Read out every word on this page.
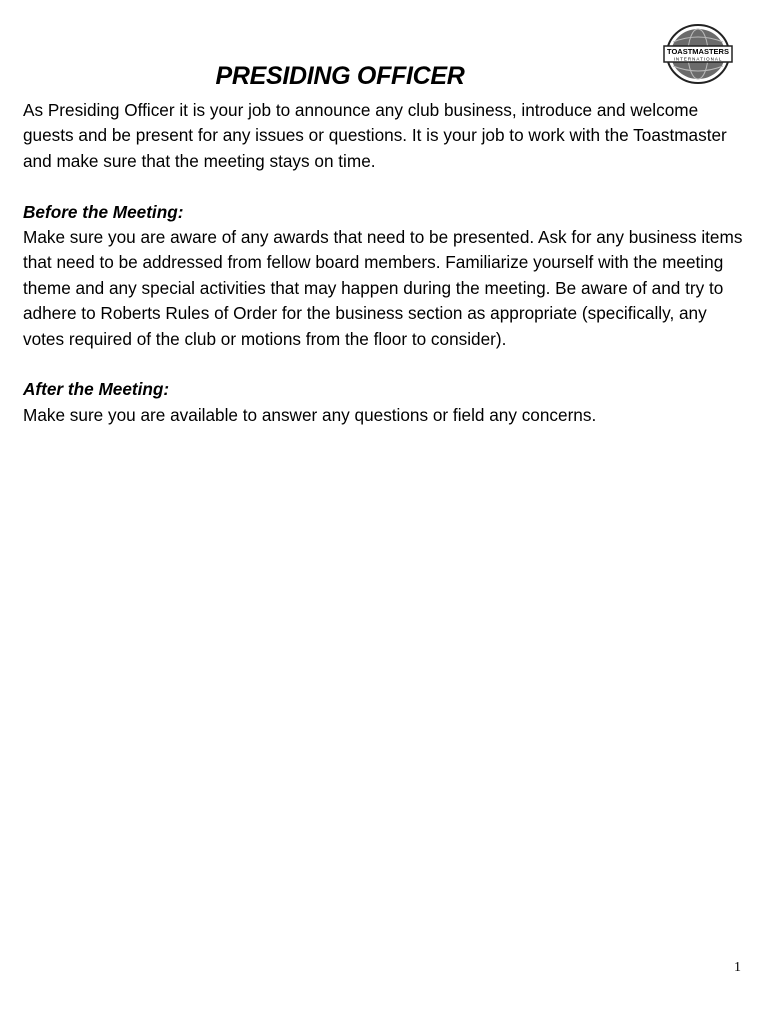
TOASTMASTERS
INTERNATIONAL
PRESIDING OFFICER

As Presiding Officer it is your job to announce any club business, introduce and welcome guests and be present for any issues or questions. It is your job to work with the Toastmaster and make sure that the meeting stays on time.

Before the Meeting:

Make sure you are aware of any awards that need to be presented. Ask for any business items that need to be addressed from fellow board members. Familiarize yourself with the meeting theme and any special activities that may happen during the meeting. Be aware of and try to adhere to Roberts Rules of Order for the business section as appropriate (specifically, any votes required of the club or motions from the floor to consider).

After the Meeting:

Make sure you are available to answer any questions or field any concerns.

1
